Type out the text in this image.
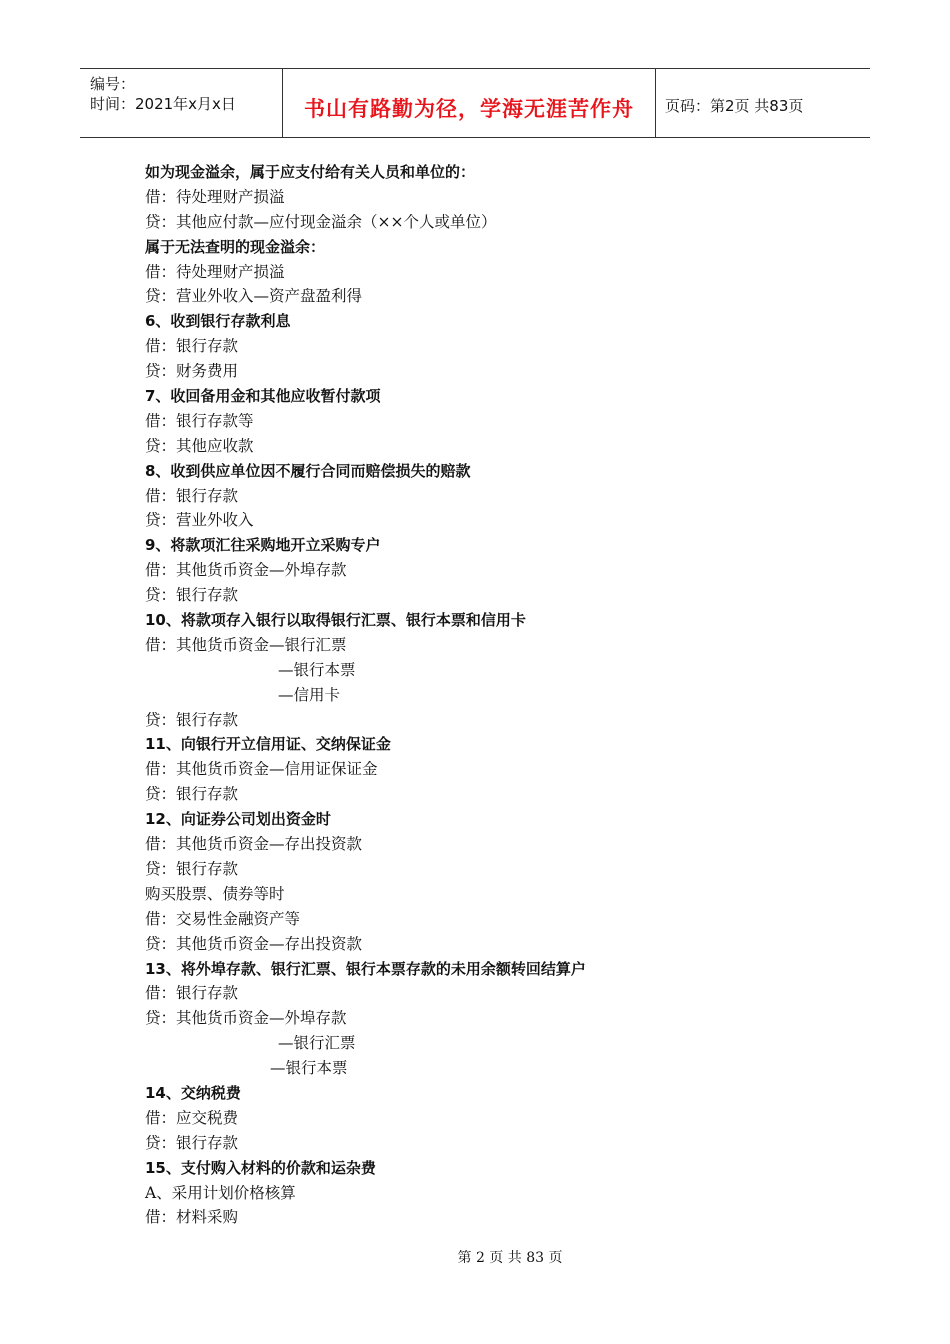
编号：
时间：2021年x月x日	书山有路勤为径，学海无涯苦作舟	页码：第2页 共83页
如为现金溢余，属于应支付给有关人员和单位的：
借：待处理财产损溢
贷：其他应付款—应付现金溢余（××个人或单位）
属于无法查明的现金溢余：
借：待处理财产损溢
贷：营业外收入—资产盘盈利得
6、收到银行存款利息
借：银行存款
贷：财务费用
7、收回备用金和其他应收暂付款项
借：银行存款等
贷：其他应收款
8、收到供应单位因不履行合同而赔偿损失的赔款
借：银行存款
贷：营业外收入
9、将款项汇往采购地开立采购专户
借：其他货币资金—外埠存款
贷：银行存款
10、将款项存入银行以取得银行汇票、银行本票和信用卡
借：其他货币资金—银行汇票
—银行本票
—信用卡
贷：银行存款
11、向银行开立信用证、交纳保证金
借：其他货币资金—信用证保证金
贷：银行存款
12、向证券公司划出资金时
借：其他货币资金—存出投资款
贷：银行存款
购买股票、债券等时
借：交易性金融资产等
贷：其他货币资金—存出投资款
13、将外埠存款、银行汇票、银行本票存款的未用余额转回结算户
借：银行存款
贷：其他货币资金—外埠存款
—银行汇票
—银行本票
14、交纳税费
借：应交税费
贷：银行存款
15、支付购入材料的价款和运杂费
A、采用计划价格核算
借：材料采购
第 2 页 共 83 页
